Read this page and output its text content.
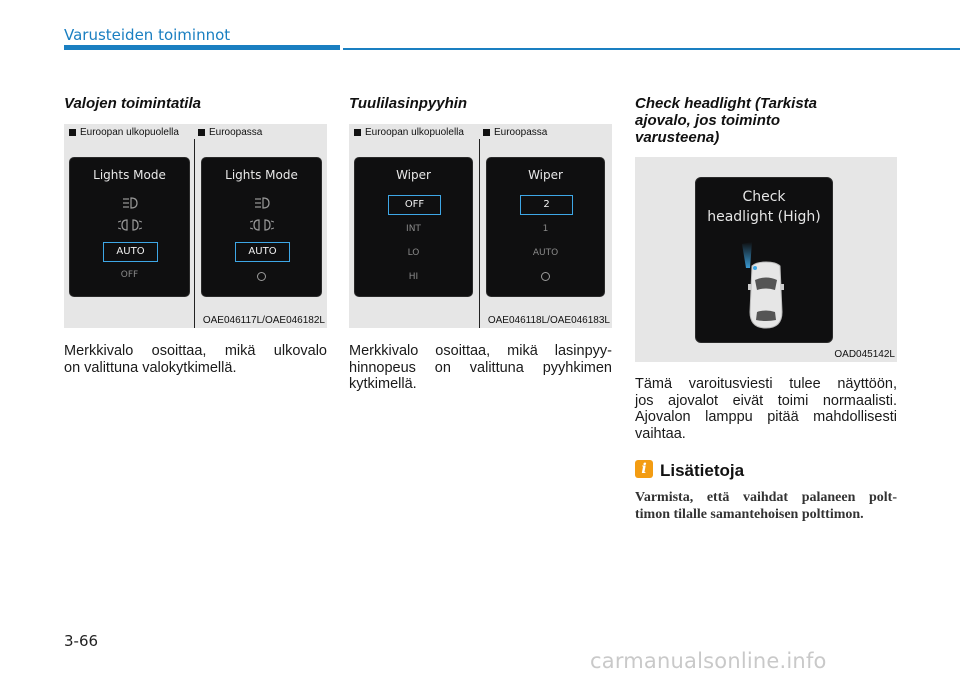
Varusteiden toiminnot
Valojen toimintatila
Euroopan ulkopuolella	Euroopassa
Lights Mode
AUTO
OFF
Lights Mode
AUTO
OAE046117L/OAE046182L
Merkkivalo osoittaa, mikä ulkovalo
on valittuna valokytkimellä.
Tuulilasinpyyhin
Euroopan ulkopuolella	Euroopassa
Wiper
OFF
INT
LO
HI
Wiper
2
1
AUTO
OAE046118L/OAE046183L
Merkkivalo osoittaa, mikä lasinpyy-
hinnopeus on valittuna pyyhkimen
kytkimellä.
Check headlight (Tarkista
ajovalo, jos toiminto
varusteena)
Check
headlight (High)
OAD045142L
Tämä varoitusviesti tulee näyttöön,
jos ajovalot eivät toimi normaalisti.
Ajovalon lamppu pitää mahdollisesti
vaihtaa.
i Lisätietoja
Varmista, että vaihdat palaneen polt-
timon tilalle samantehoisen polttimon.
3-66
carmanualsonline.info
